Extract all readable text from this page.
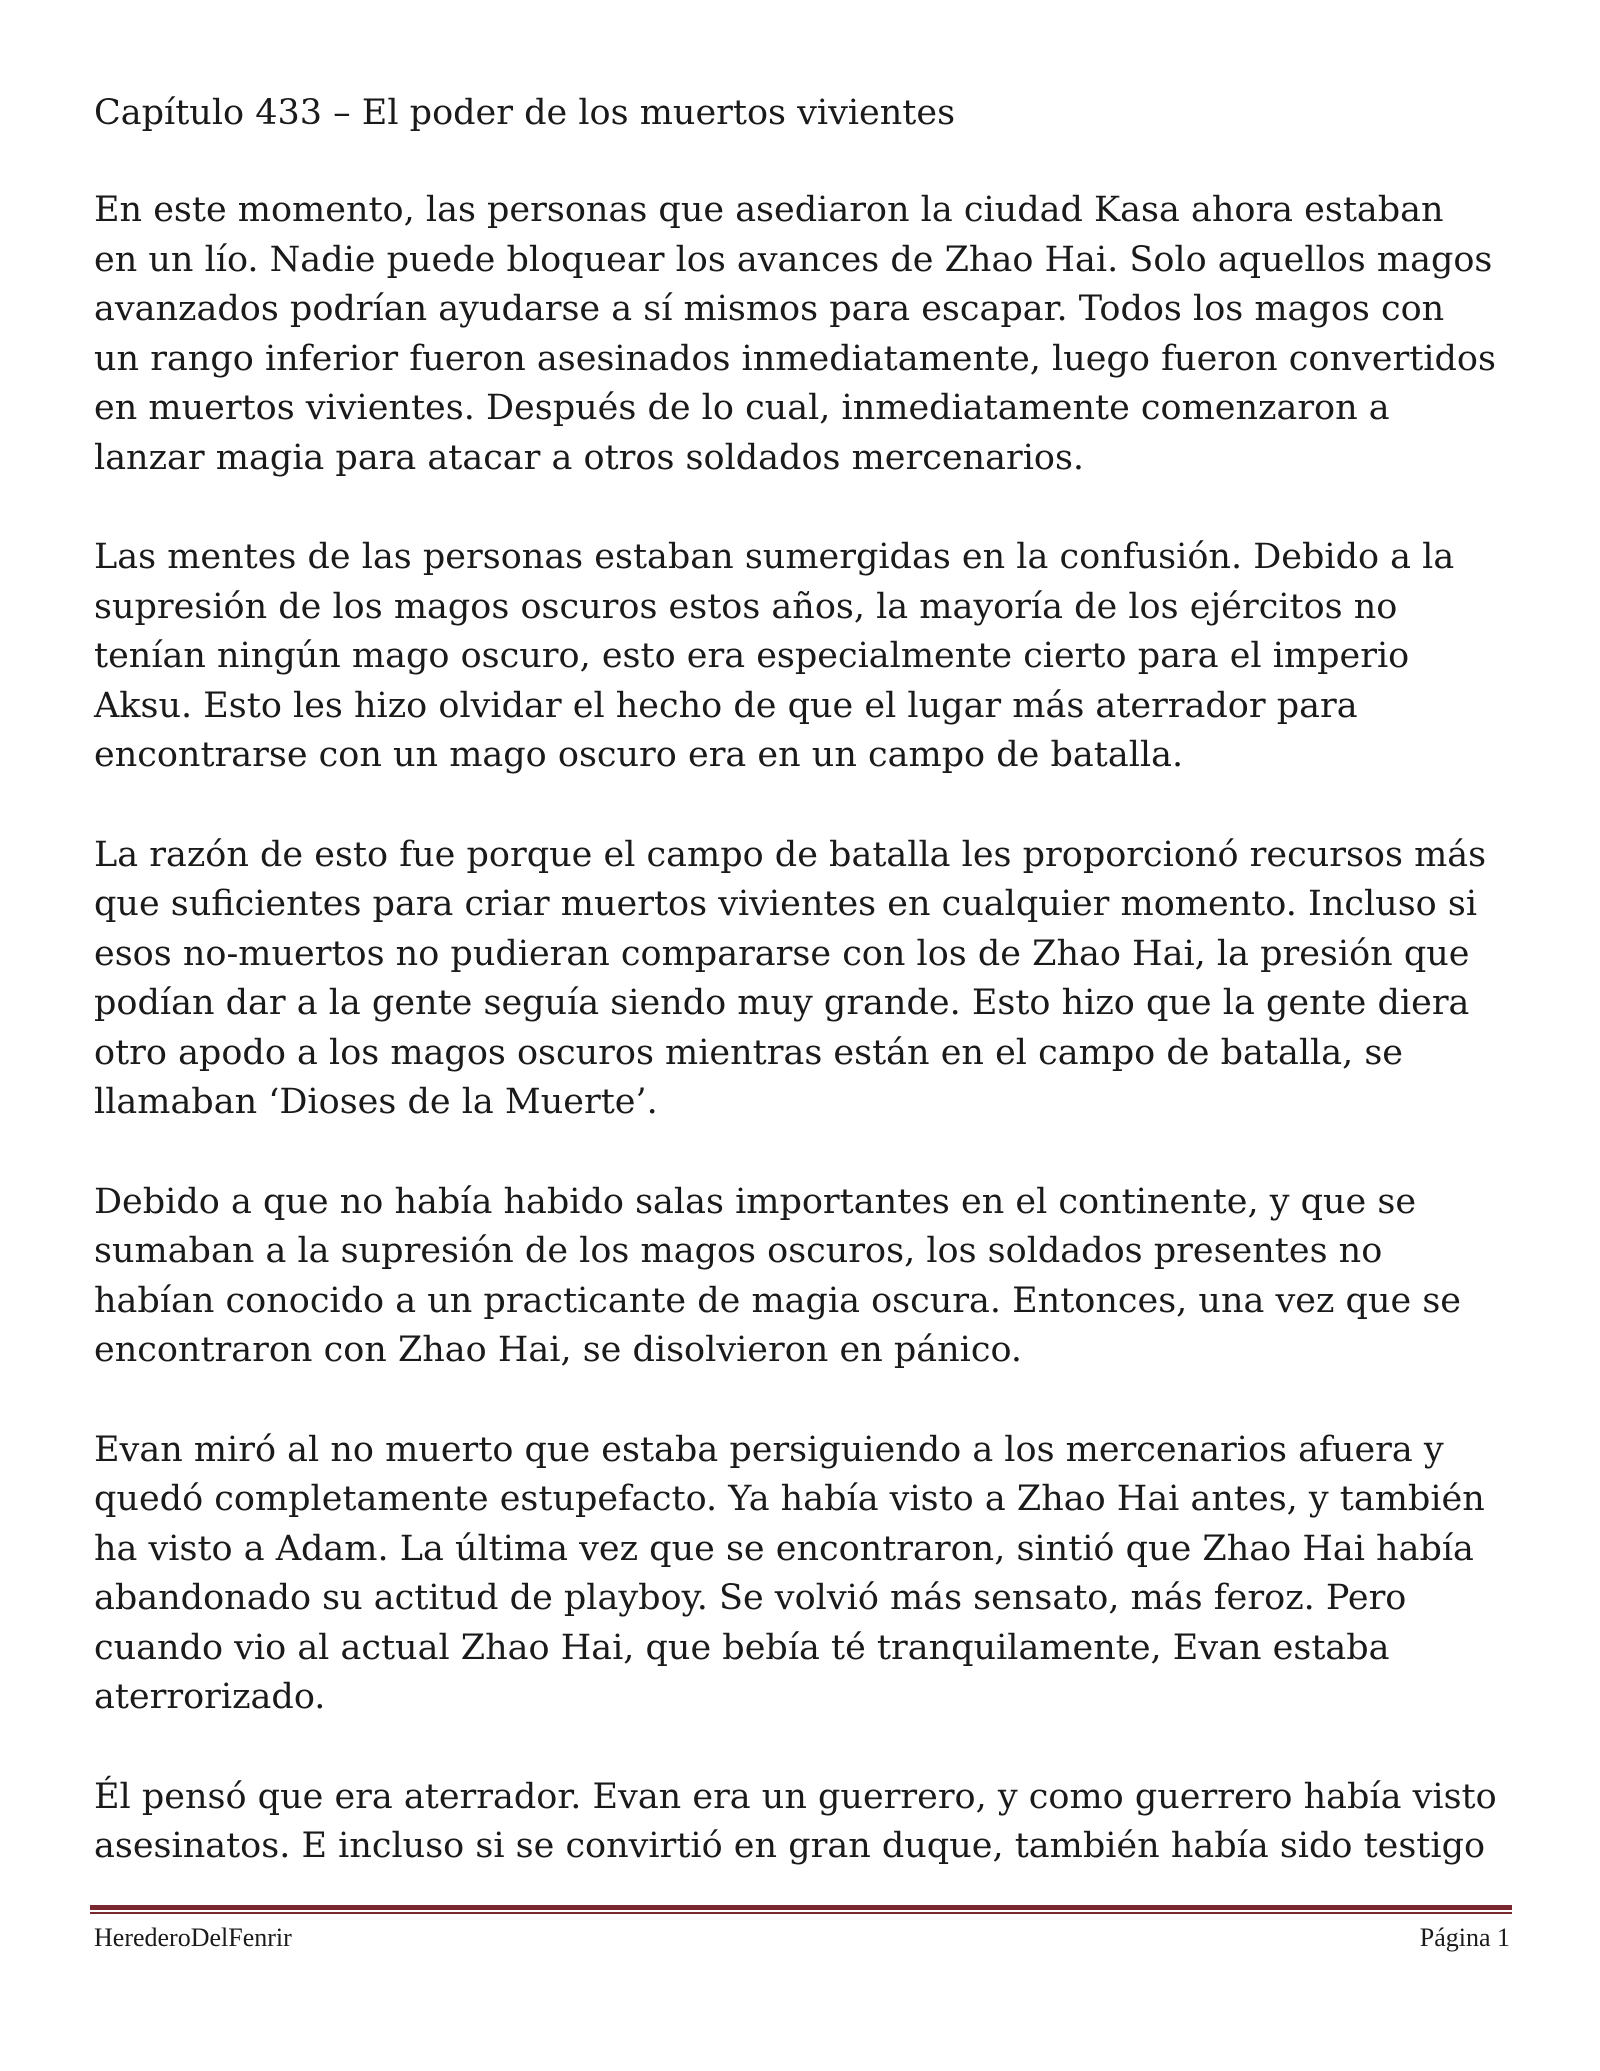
Capítulo 433 – El poder de los muertos vivientes
En este momento, las personas que asediaron la ciudad Kasa ahora estaban
en un lío. Nadie puede bloquear los avances de Zhao Hai. Solo aquellos magos
avanzados podrían ayudarse a sí mismos para escapar. Todos los magos con
un rango inferior fueron asesinados inmediatamente, luego fueron convertidos
en muertos vivientes. Después de lo cual, inmediatamente comenzaron a
lanzar magia para atacar a otros soldados mercenarios.
Las mentes de las personas estaban sumergidas en la confusión. Debido a la
supresión de los magos oscuros estos años, la mayoría de los ejércitos no
tenían ningún mago oscuro, esto era especialmente cierto para el imperio
Aksu. Esto les hizo olvidar el hecho de que el lugar más aterrador para
encontrarse con un mago oscuro era en un campo de batalla.
La razón de esto fue porque el campo de batalla les proporcionó recursos más
que suficientes para criar muertos vivientes en cualquier momento. Incluso si
esos no-muertos no pudieran compararse con los de Zhao Hai, la presión que
podían dar a la gente seguía siendo muy grande. Esto hizo que la gente diera
otro apodo a los magos oscuros mientras están en el campo de batalla, se
llamaban ‘Dioses de la Muerte’.
Debido a que no había habido salas importantes en el continente, y que se
sumaban a la supresión de los magos oscuros, los soldados presentes no
habían conocido a un practicante de magia oscura. Entonces, una vez que se
encontraron con Zhao Hai, se disolvieron en pánico.
Evan miró al no muerto que estaba persiguiendo a los mercenarios afuera y
quedó completamente estupefacto. Ya había visto a Zhao Hai antes, y también
ha visto a Adam. La última vez que se encontraron, sintió que Zhao Hai había
abandonado su actitud de playboy. Se volvió más sensato, más feroz. Pero
cuando vio al actual Zhao Hai, que bebía té tranquilamente, Evan estaba
aterrorizado.
Él pensó que era aterrador. Evan era un guerrero, y como guerrero había visto
asesinatos. E incluso si se convirtió en gran duque, también había sido testigo
HerederoDelFenrir	Página 1
